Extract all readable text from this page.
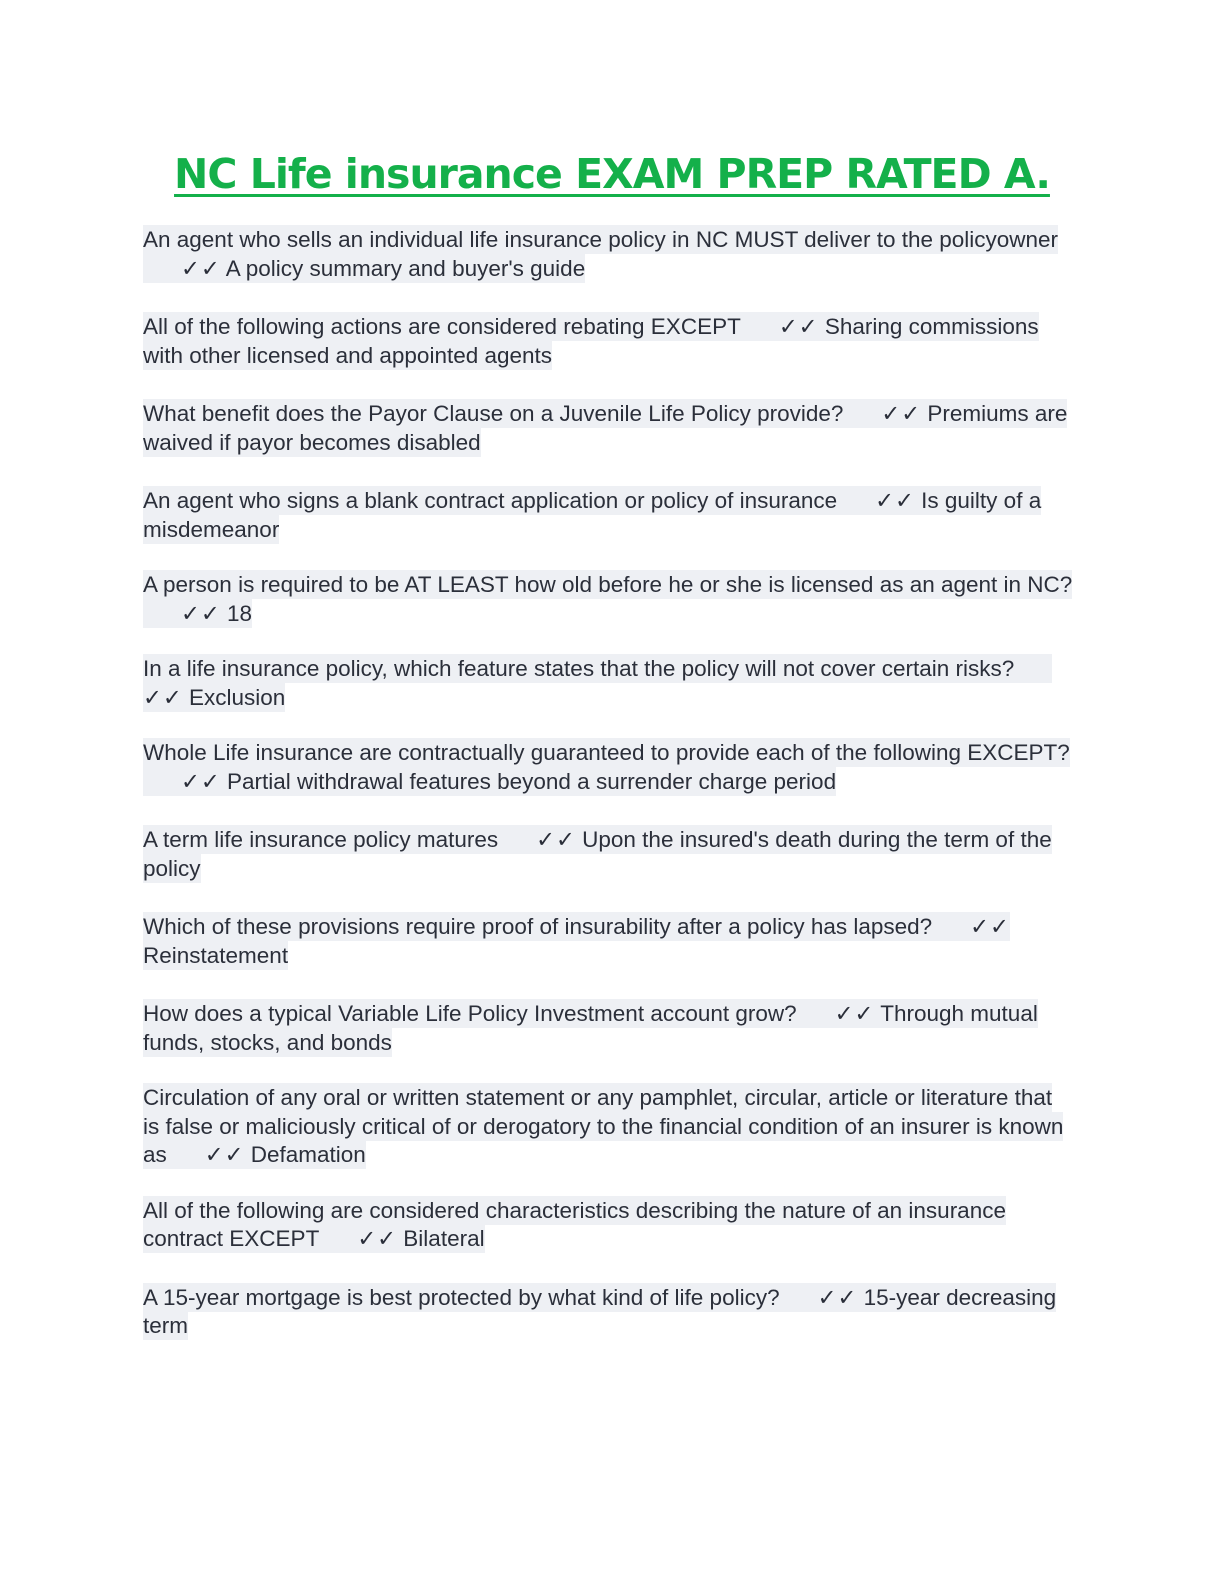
NC Life insurance EXAM PREP RATED A.

An agent who sells an individual life insurance policy in NC MUST deliver to the policyowner✓✓ A policy summary and buyer's guide

All of the following actions are considered rebating EXCEPT ✓✓ Sharing commissions with other licensed and appointed agents

What benefit does the Payor Clause on a Juvenile Life Policy provide? ✓✓ Premiums are waived if payor becomes disabled

An agent who signs a blank contract application or policy of insurance ✓✓ Is guilty of a misdemeanor

A person is required to be AT LEAST how old before he or she is licensed as an agent in NC?✓✓ 18

In a life insurance policy, which feature states that the policy will not cover certain risks?✓✓ Exclusion

Whole Life insurance are contractually guaranteed to provide each of the following EXCEPT?✓✓ Partial withdrawal features beyond a surrender charge period

A term life insurance policy matures ✓✓ Upon the insured's death during the term of the policy

Which of these provisions require proof of insurability after a policy has lapsed? ✓✓ Reinstatement

How does a typical Variable Life Policy Investment account grow? ✓✓ Through mutual funds, stocks, and bonds

Circulation of any oral or written statement or any pamphlet, circular, article or literature that is false or maliciously critical of or derogatory to the financial condition of an insurer is known as ✓✓ Defamation

All of the following are considered characteristics describing the nature of an insurance contract EXCEPT ✓✓ Bilateral

A 15-year mortgage is best protected by what kind of life policy? ✓✓ 15-year decreasing term
